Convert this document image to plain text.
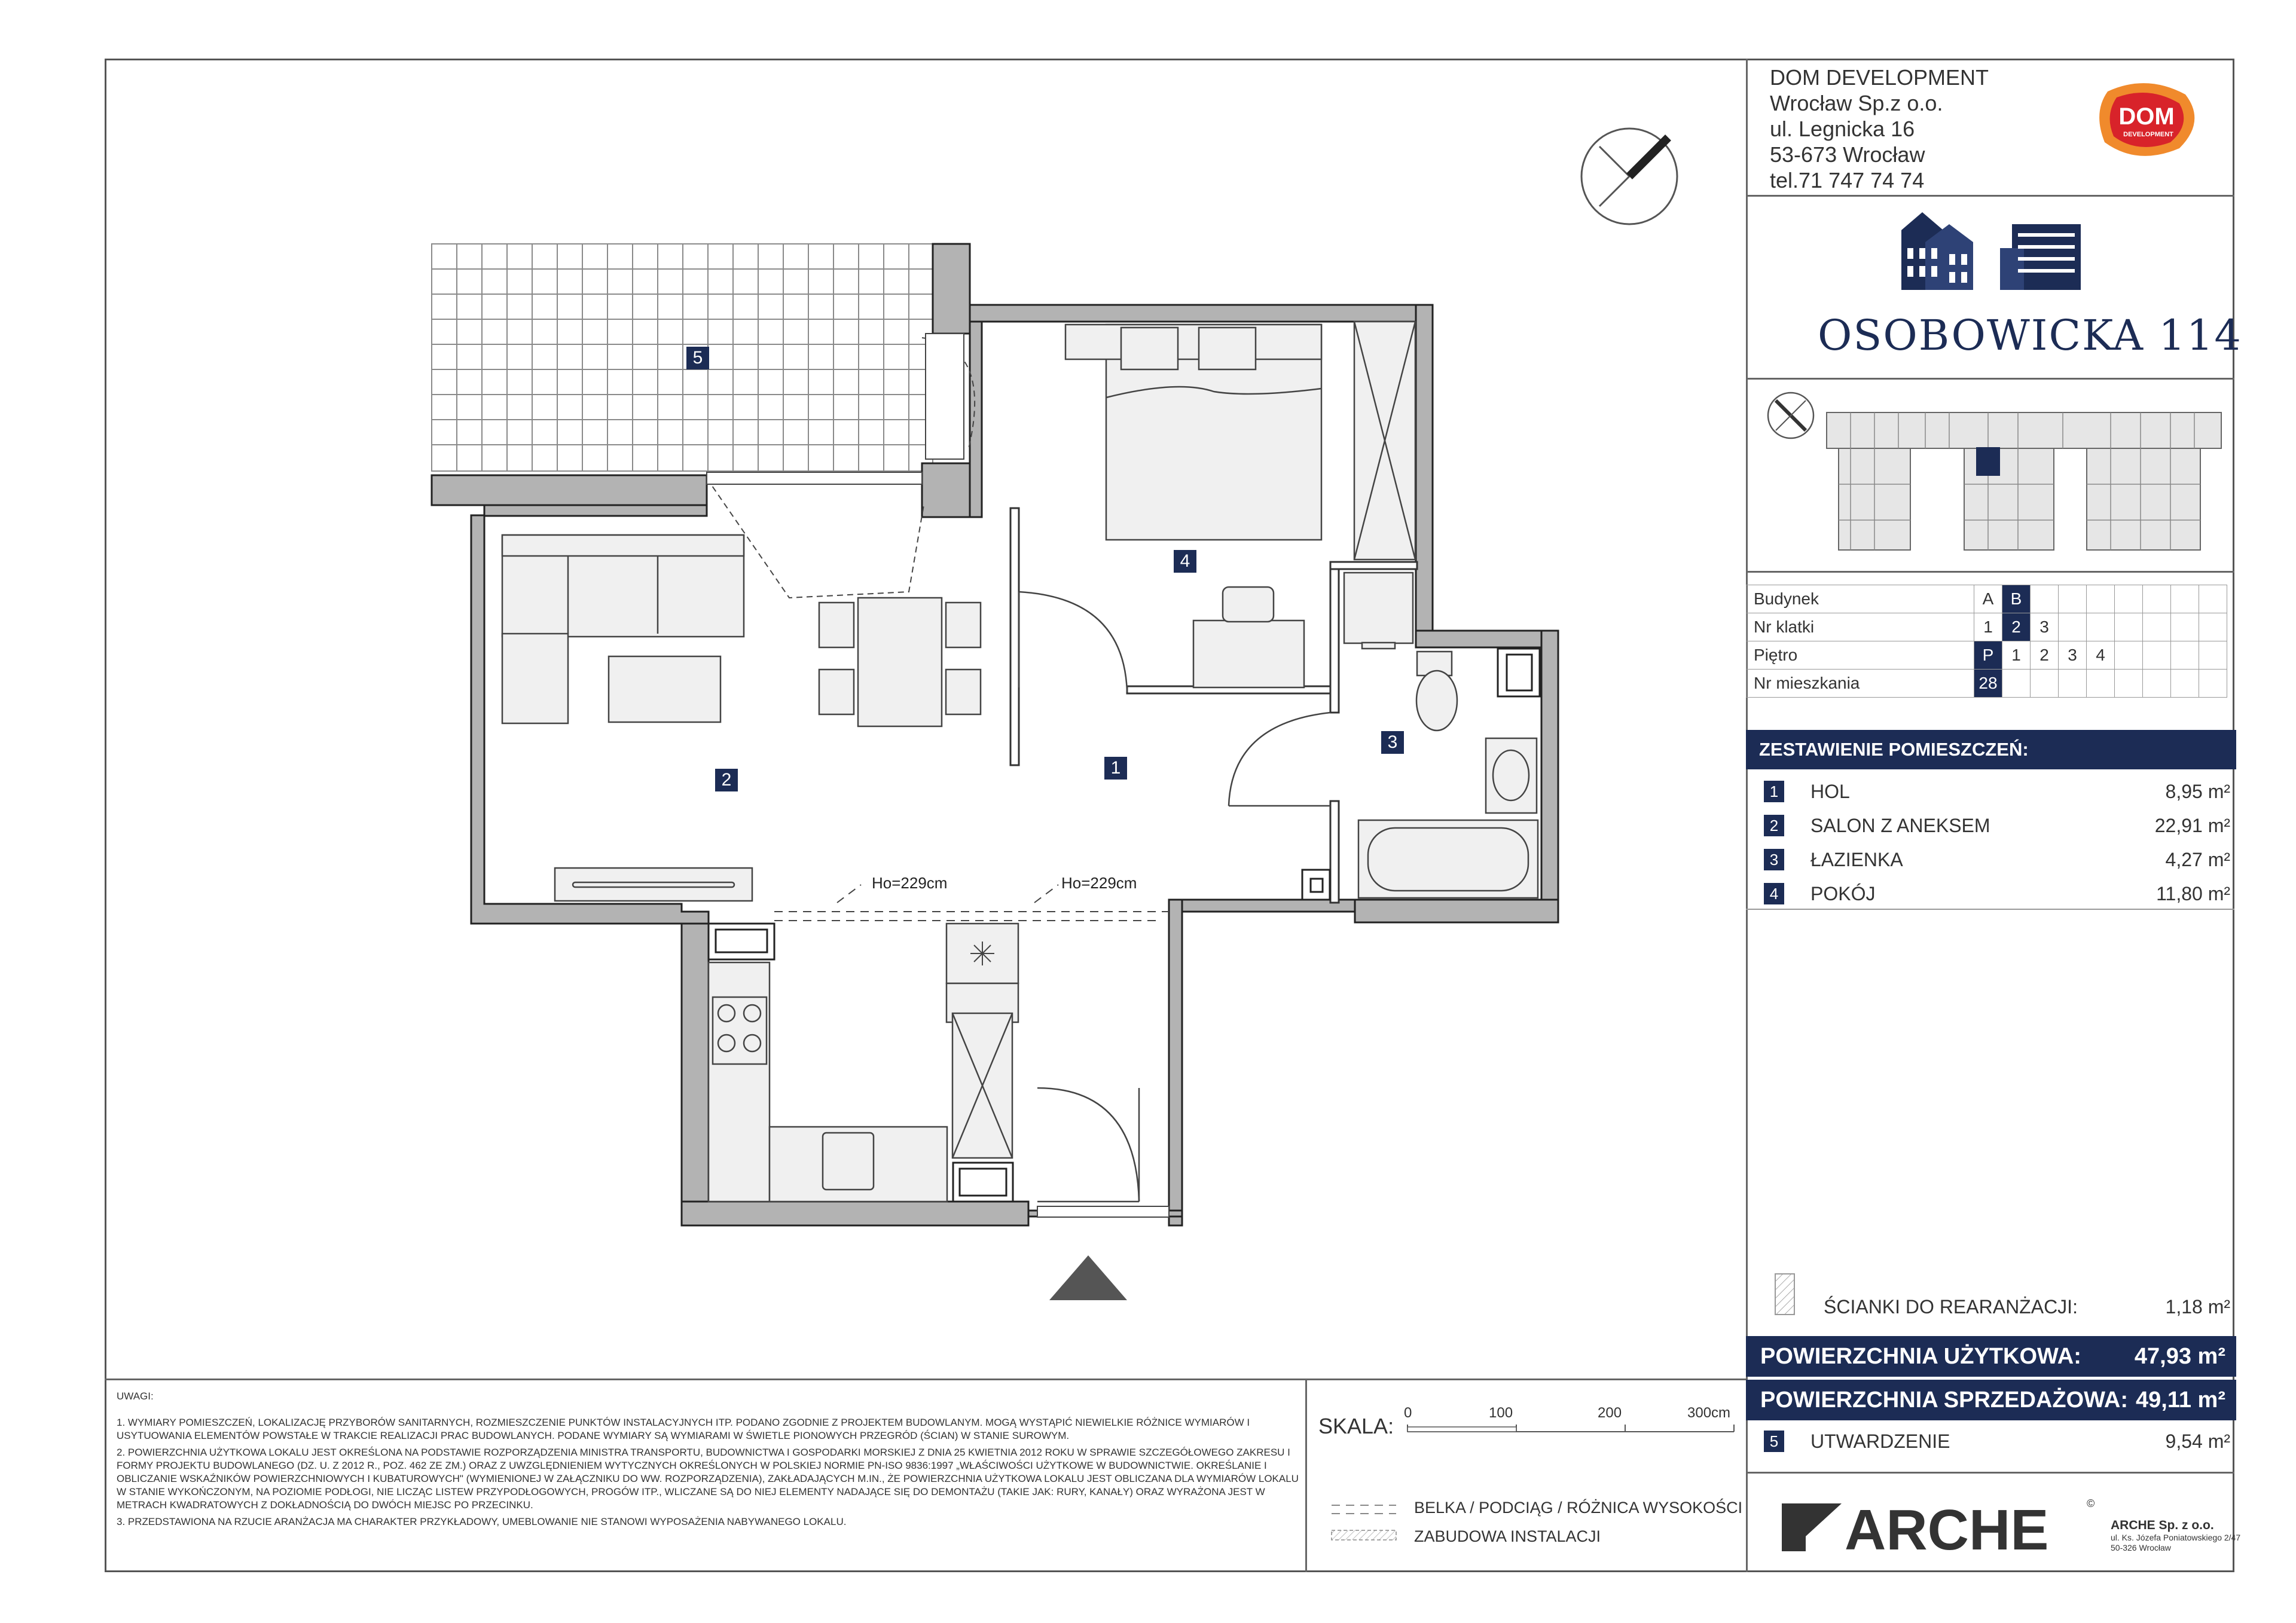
5
2
1
4
3
Ho=229cm	Ho=229cm
DOM DEVELOPMENT
Wrocław Sp.z o.o.
ul. Legnicka 16
53-673 Wrocław
tel.71 747 74 74
DOM
DEVELOPMENT
OSOBOWICKA 114
Budynek	A	B							
Nr klatki	1	2	3						
Piętro	P	1	2	3	4				
Nr mieszkania	28								
ZESTAWIENIE POMIESZCZEŃ:
1	HOL	8,95 m²
2	SALON Z ANEKSEM	22,91 m²
3	ŁAZIENKA	4,27 m²
4	POKÓJ	11,80 m²
ŚCIANKI DO REARANŻACJI:	1,18 m²
POWIERZCHNIA UŻYTKOWA: 47,93 m²
POWIERZCHNIA SPRZEDAŻOWA: 49,11 m²
5	UTWARDZENIE	9,54 m²

UWAGI:

1. WYMIARY POMIESZCZEŃ, LOKALIZACJĘ PRZYBORÓW SANITARNYCH, ROZMIESZCZENIE PUNKTÓW INSTALACYJNYCH ITP. PODANO ZGODNIE Z PROJEKTEM BUDOWLANYM. MOGĄ WYSTĄPIĆ NIEWIELKIE RÓŻNICE WYMIARÓW I USYTUOWANIA ELEMENTÓW POWSTAŁE W TRAKCIE REALIZACJI PRAC BUDOWLANYCH. PODANE WYMIARY SĄ WYMIARAMI W ŚWIETLE PIONOWYCH PRZEGRÓD (ŚCIAN) W STANIE SUROWYM.

2. POWIERZCHNIA UŻYTKOWA LOKALU JEST OKREŚLONA NA PODSTAWIE ROZPORZĄDZENIA MINISTRA TRANSPORTU, BUDOWNICTWA I GOSPODARKI MORSKIEJ Z DNIA 25 KWIETNIA 2012 ROKU W SPRAWIE SZCZEGÓŁOWEGO ZAKRESU I FORMY PROJEKTU BUDOWLANEGO (DZ. U. Z 2012 R., POZ. 462 ZE ZM.) ORAZ Z UWZGLĘDNIENIEM WYTYCZNYCH OKREŚLONYCH W POLSKIEJ NORMIE PN-ISO 9836:1997 „WŁAŚCIWOŚCI UŻYTKOWE W BUDOWNICTWIE. OKREŚLANIE I OBLICZANIE WSKAŹNIKÓW POWIERZCHNIOWYCH I KUBATUROWYCH" (WYMIENIONEJ W ZAŁĄCZNIKU DO WW. ROZPORZĄDZENIA), ZAKŁADAJĄCYCH M.IN., ŻE POWIERZCHNIA UŻYTKOWA LOKALU JEST OBLICZANA DLA WYMIARÓW LOKALU W STANIE WYKOŃCZONYM, NA POZIOMIE PODŁOGI, NIE LICZĄC LISTEW PRZYPODŁOGOWYCH, PROGÓW ITP., WLICZANE SĄ DO NIEJ ELEMENTY NADAJĄCE SIĘ DO DEMONTAŻU (TAKIE JAK: RURY, KANAŁY) ORAZ WYRAŻONA JEST W METRACH KWADRATOWYCH Z DOKŁADNOŚCIĄ DO DWÓCH MIEJSC PO PRZECINKU.

3. PRZEDSTAWIONA NA RZUCIE ARANŻACJA MA CHARAKTER PRZYKŁADOWY, UMEBLOWANIE NIE STANOWI WYPOSAŻENIA NABYWANEGO LOKALU.

SKALA:
0	100	200	300cm
BELKA / PODCIĄG / RÓŻNICA WYSOKOŚCI
ZABUDOWA INSTALACJI	ARCHE	©
ARCHE Sp. z o.o.
ul. Ks. Józefa Poniatowskiego 2/47
50-326 Wrocław
